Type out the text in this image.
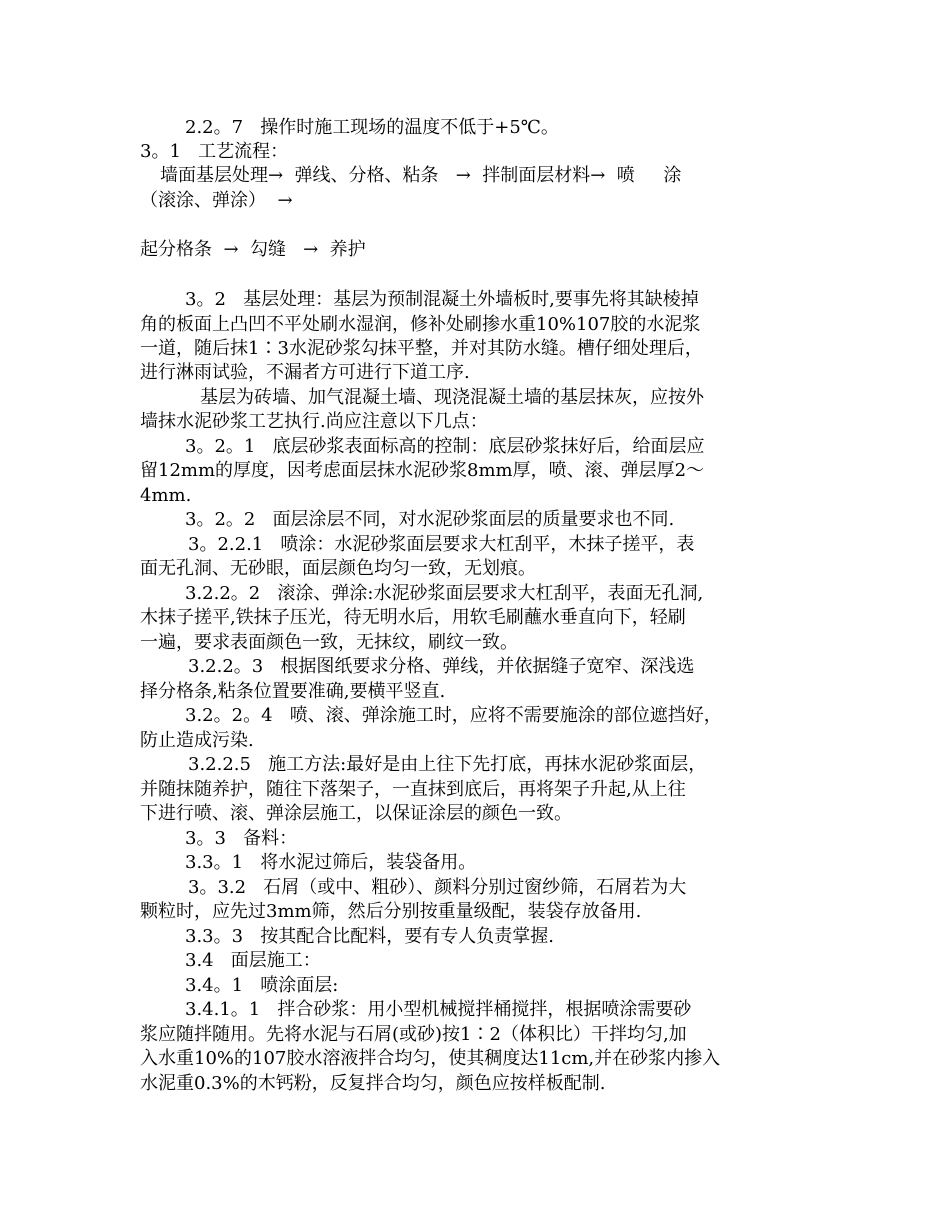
2.2。7   操作时施工现场的温度不低于+5℃。

3。1   工艺流程：

墙面基层处理→  弹线、分格、粘条   →  拌制面层材料→  喷     涂

（滚涂、弹涂）  →

起分格条  →  勾缝   →  养护

3。2   基层处理：基层为预制混凝土外墙板时,要事先将其缺棱掉

角的板面上凸凹不平处刷水湿润，修补处刷掺水重10%107胶的水泥浆

一道，随后抹1∶3水泥砂浆勾抹平整，并对其防水缝。槽仔细处理后，

进行淋雨试验，不漏者方可进行下道工序.

基层为砖墙、加气混凝土墙、现浇混凝土墙的基层抹灰，应按外

墙抹水泥砂浆工艺执行.尚应注意以下几点：

3。2。1   底层砂浆表面标高的控制：底层砂浆抹好后，给面层应

留12mm的厚度，因考虑面层抹水泥砂浆8mm厚，喷、滚、弹层厚2～

4mm.

3。2。2   面层涂层不同，对水泥砂浆面层的质量要求也不同.

3。2.2.1   喷涂：水泥砂浆面层要求大杠刮平，木抹子搓平，表

面无孔洞、无砂眼，面层颜色均匀一致，无划痕。

3.2.2。2   滚涂、弹涂:水泥砂浆面层要求大杠刮平，表面无孔洞,

木抹子搓平,铁抹子压光，待无明水后，用软毛刷蘸水垂直向下，轻刷

一遍，要求表面颜色一致，无抹纹，刷纹一致。

3.2.2。3   根据图纸要求分格、弹线，并依据缝子宽窄、深浅选

择分格条,粘条位置要准确,要横平竖直.

3.2。2。4   喷、滚、弹涂施工时，应将不需要施涂的部位遮挡好，

防止造成污染.

3.2.2.5   施工方法:最好是由上往下先打底，再抹水泥砂浆面层，

并随抹随养护，随往下落架子，一直抹到底后，再将架子升起,从上往

下进行喷、滚、弹涂层施工，以保证涂层的颜色一致。

3。3   备料：

3.3。1   将水泥过筛后，装袋备用。

3。3.2   石屑（或中、粗砂）、颜料分别过窗纱筛，石屑若为大

颗粒时，应先过3mm筛，然后分别按重量级配，装袋存放备用.

3.3。3   按其配合比配料，要有专人负责掌握.

3.4   面层施工：

3.4。1   喷涂面层:

3.4.1。1   拌合砂浆：用小型机械搅拌桶搅拌，根据喷涂需要砂

浆应随拌随用。先将水泥与石屑(或砂)按1∶2（体积比）干拌均匀,加

入水重10%的107胶水溶液拌合均匀，使其稠度达11cm,并在砂浆内掺入

水泥重0.3%的木钙粉，反复拌合均匀，颜色应按样板配制.
